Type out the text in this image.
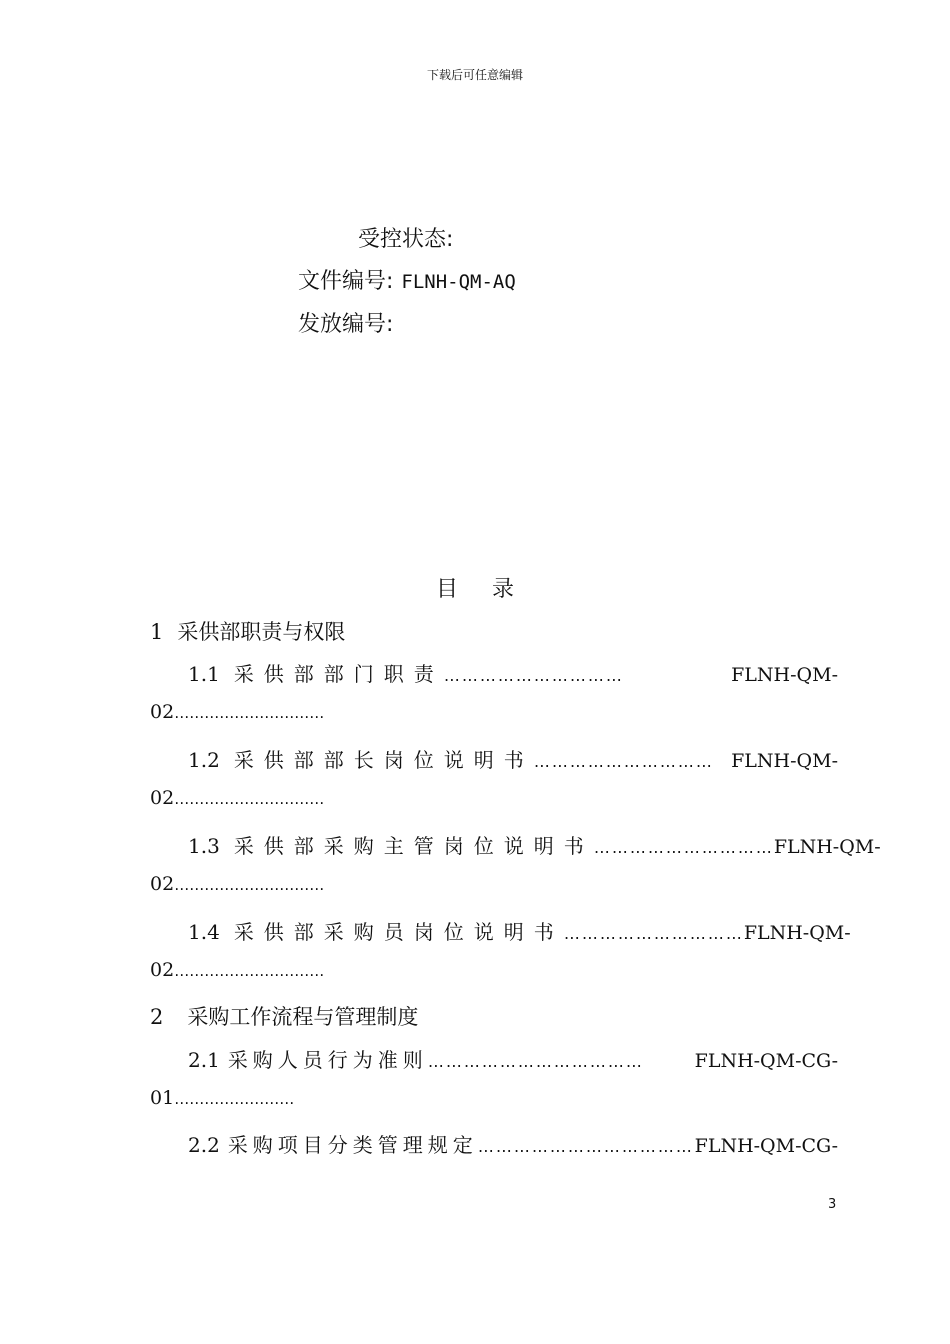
下载后可任意编辑
受控状态:
文件编号: FLNH-QM-AQ
发放编号:
目录
1 采供部职责与权限
1.1 采供部部门职责 …………………………	FLNH-QM-
02…………………………
1.2 采供部部长岗位说明书 ………………………… FLNH-QM-
02…………………………
1.3 采供部采购主管岗位说明书 ………………………… FLNH-QM-
02…………………………
1.4 采供部采购员岗位说明书 ………………………… FLNH-QM-
02…………………………
2 采购工作流程与管理制度
2.1 采购人员行为准则 ………………………………	FLNH-QM-CG-
01……………………
2.2 采购项目分类管理规定 ……………………………… FLNH-QM-CG-
3
